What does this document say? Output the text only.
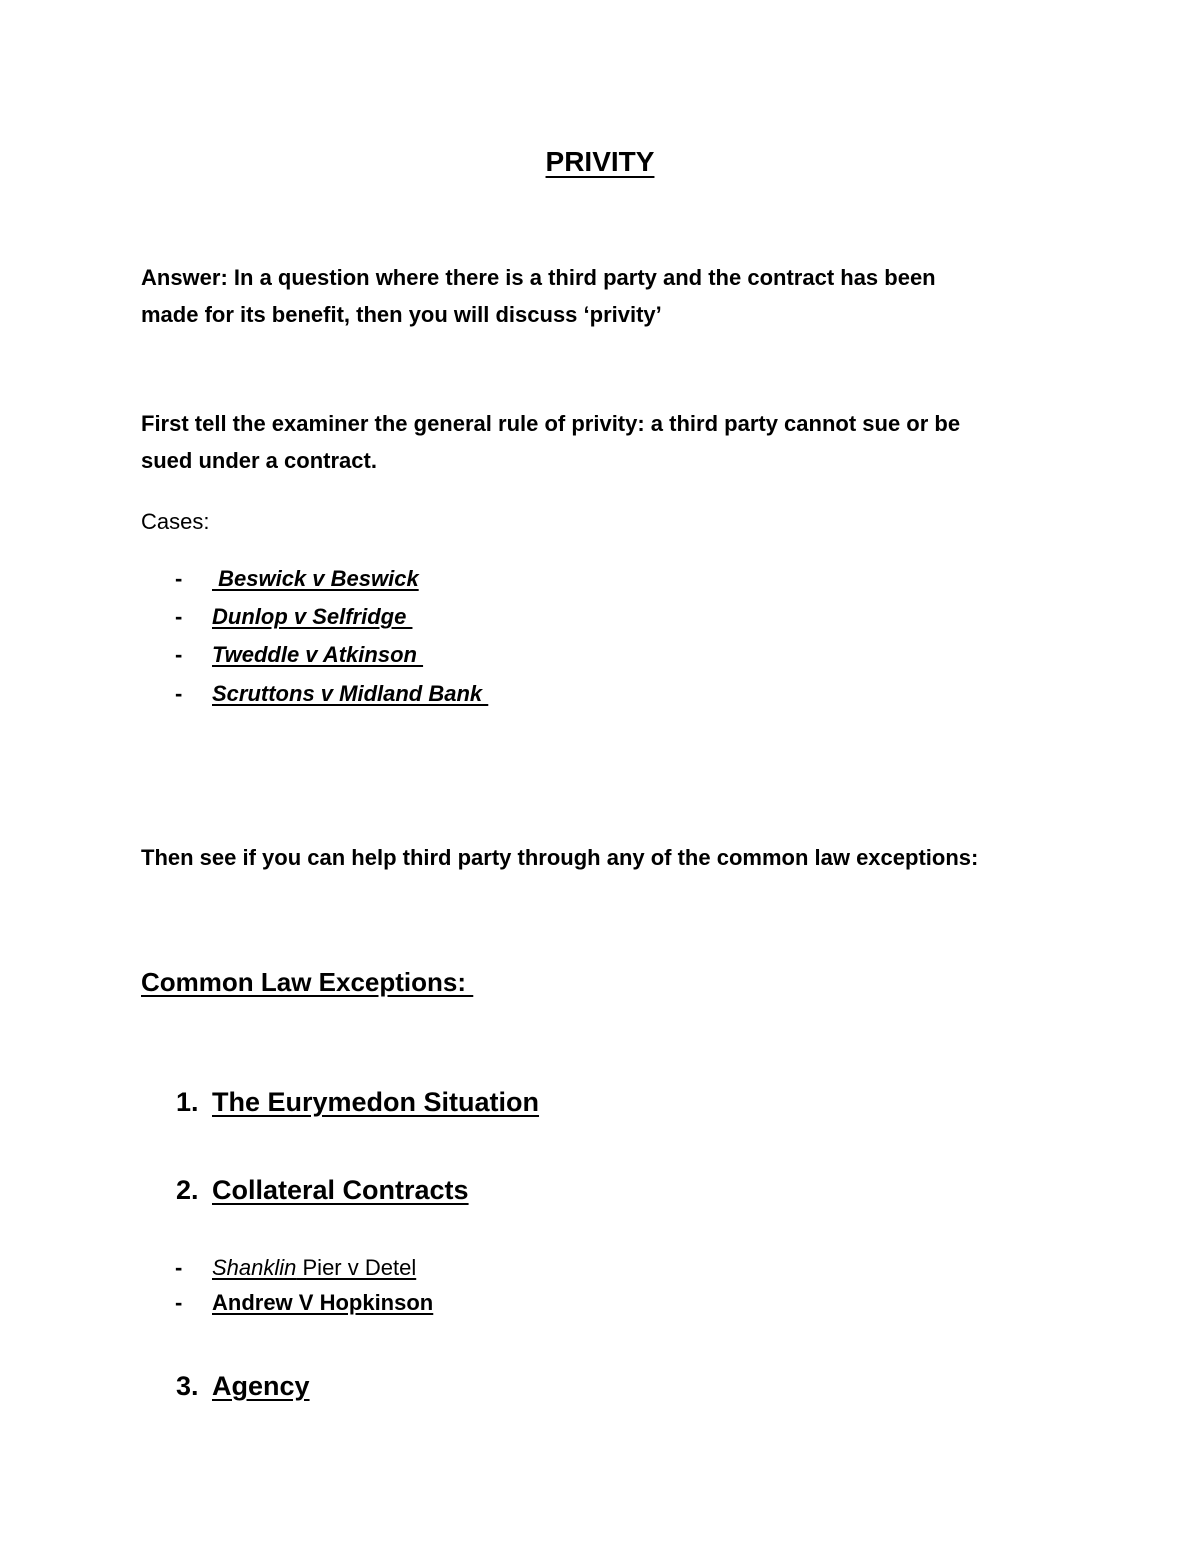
PRIVITY
Answer: In a question where there is a third party and the contract has been
made for its benefit, then you will discuss ‘privity’
First tell the examiner the general rule of privity: a third party cannot sue or be
sued under a contract.
Cases:
- Beswick v Beswick
- Dunlop v Selfridge
- Tweddle v Atkinson
- Scruttons v Midland Bank
Then see if you can help third party through any of the common law exceptions:
Common Law Exceptions:
1. The Eurymedon Situation
2. Collateral Contracts
- Shanklin Pier v Detel
- Andrew V Hopkinson
3. Agency
